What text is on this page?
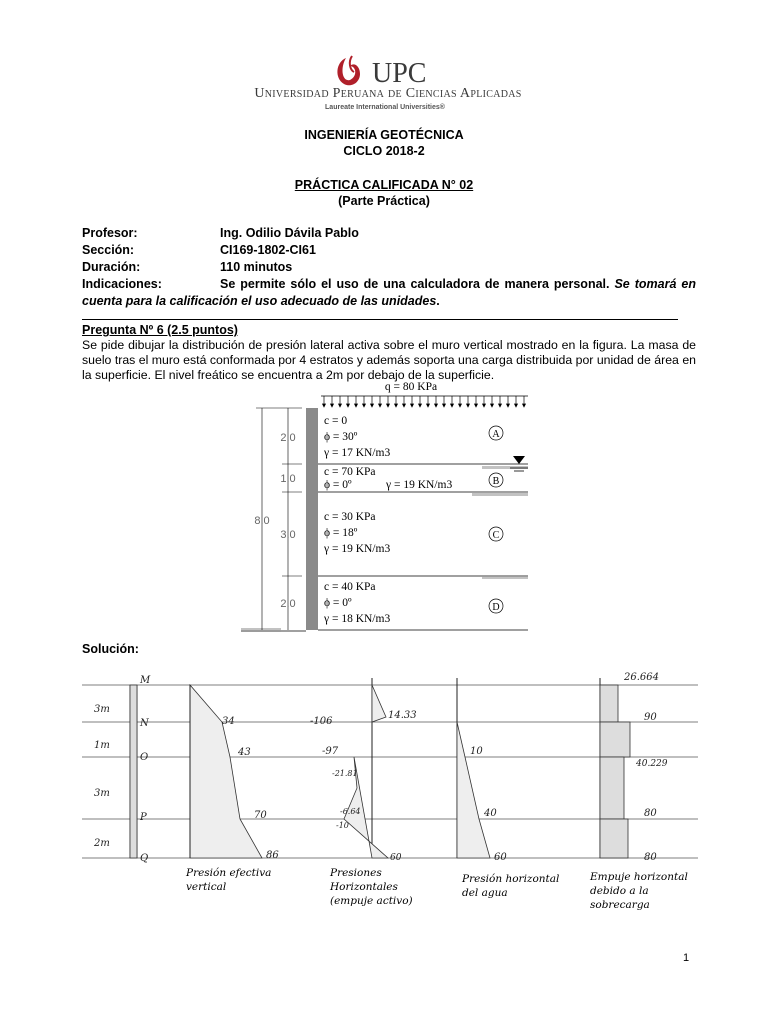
UPC
Universidad Peruana de Ciencias Aplicadas
Laureate International Universities®
INGENIERÍA GEOTÉCNICA
CICLO 2018-2
PRÁCTICA CALIFICADA N° 02
(Parte Práctica)
Profesor:	Ing. Odilio Dávila Pablo
Sección:	CI169-1802-CI61
Duración:	110 minutos
Indicaciones:	Se permite sólo el uso de una calculadora de manera personal. Se tomará en cuenta para la calificación el uso adecuado de las unidades.
Pregunta Nº 6 (2.5 puntos)
Se pide dibujar la distribución de presión lateral activa sobre el muro vertical mostrado en la figura. La masa de suelo tras el muro está conformada por 4 estratos y además soporta una carga distribuida por unidad de área en la superficie. El nivel freático se encuentra a 2m por debajo de la superficie.
q = 80 KPa
8.0
2.0
1.0
3.0
2.0
c = 0
ϕ = 30º
γ = 17 KN/m3
c = 70 KPa
ϕ = 0º	γ = 19 KN/m3
c = 30 KPa
ϕ = 18º
γ = 19 KN/m3
c = 40 KPa
ϕ = 0º
γ = 18 KN/m3
A
B
C
D
Solución:
3m
1m
3m
2m
M
N
O
P
Q
34
43
70
86
-106
14.33
-97
-21.81
-6.64
-10
60
10
40
60
26.664
90
40.229
80
80
Presión efectiva vertical
Presiones Horizontales (empuje activo)
Presión horizontal del agua
Empuje horizontal debido a la sobrecarga
1
